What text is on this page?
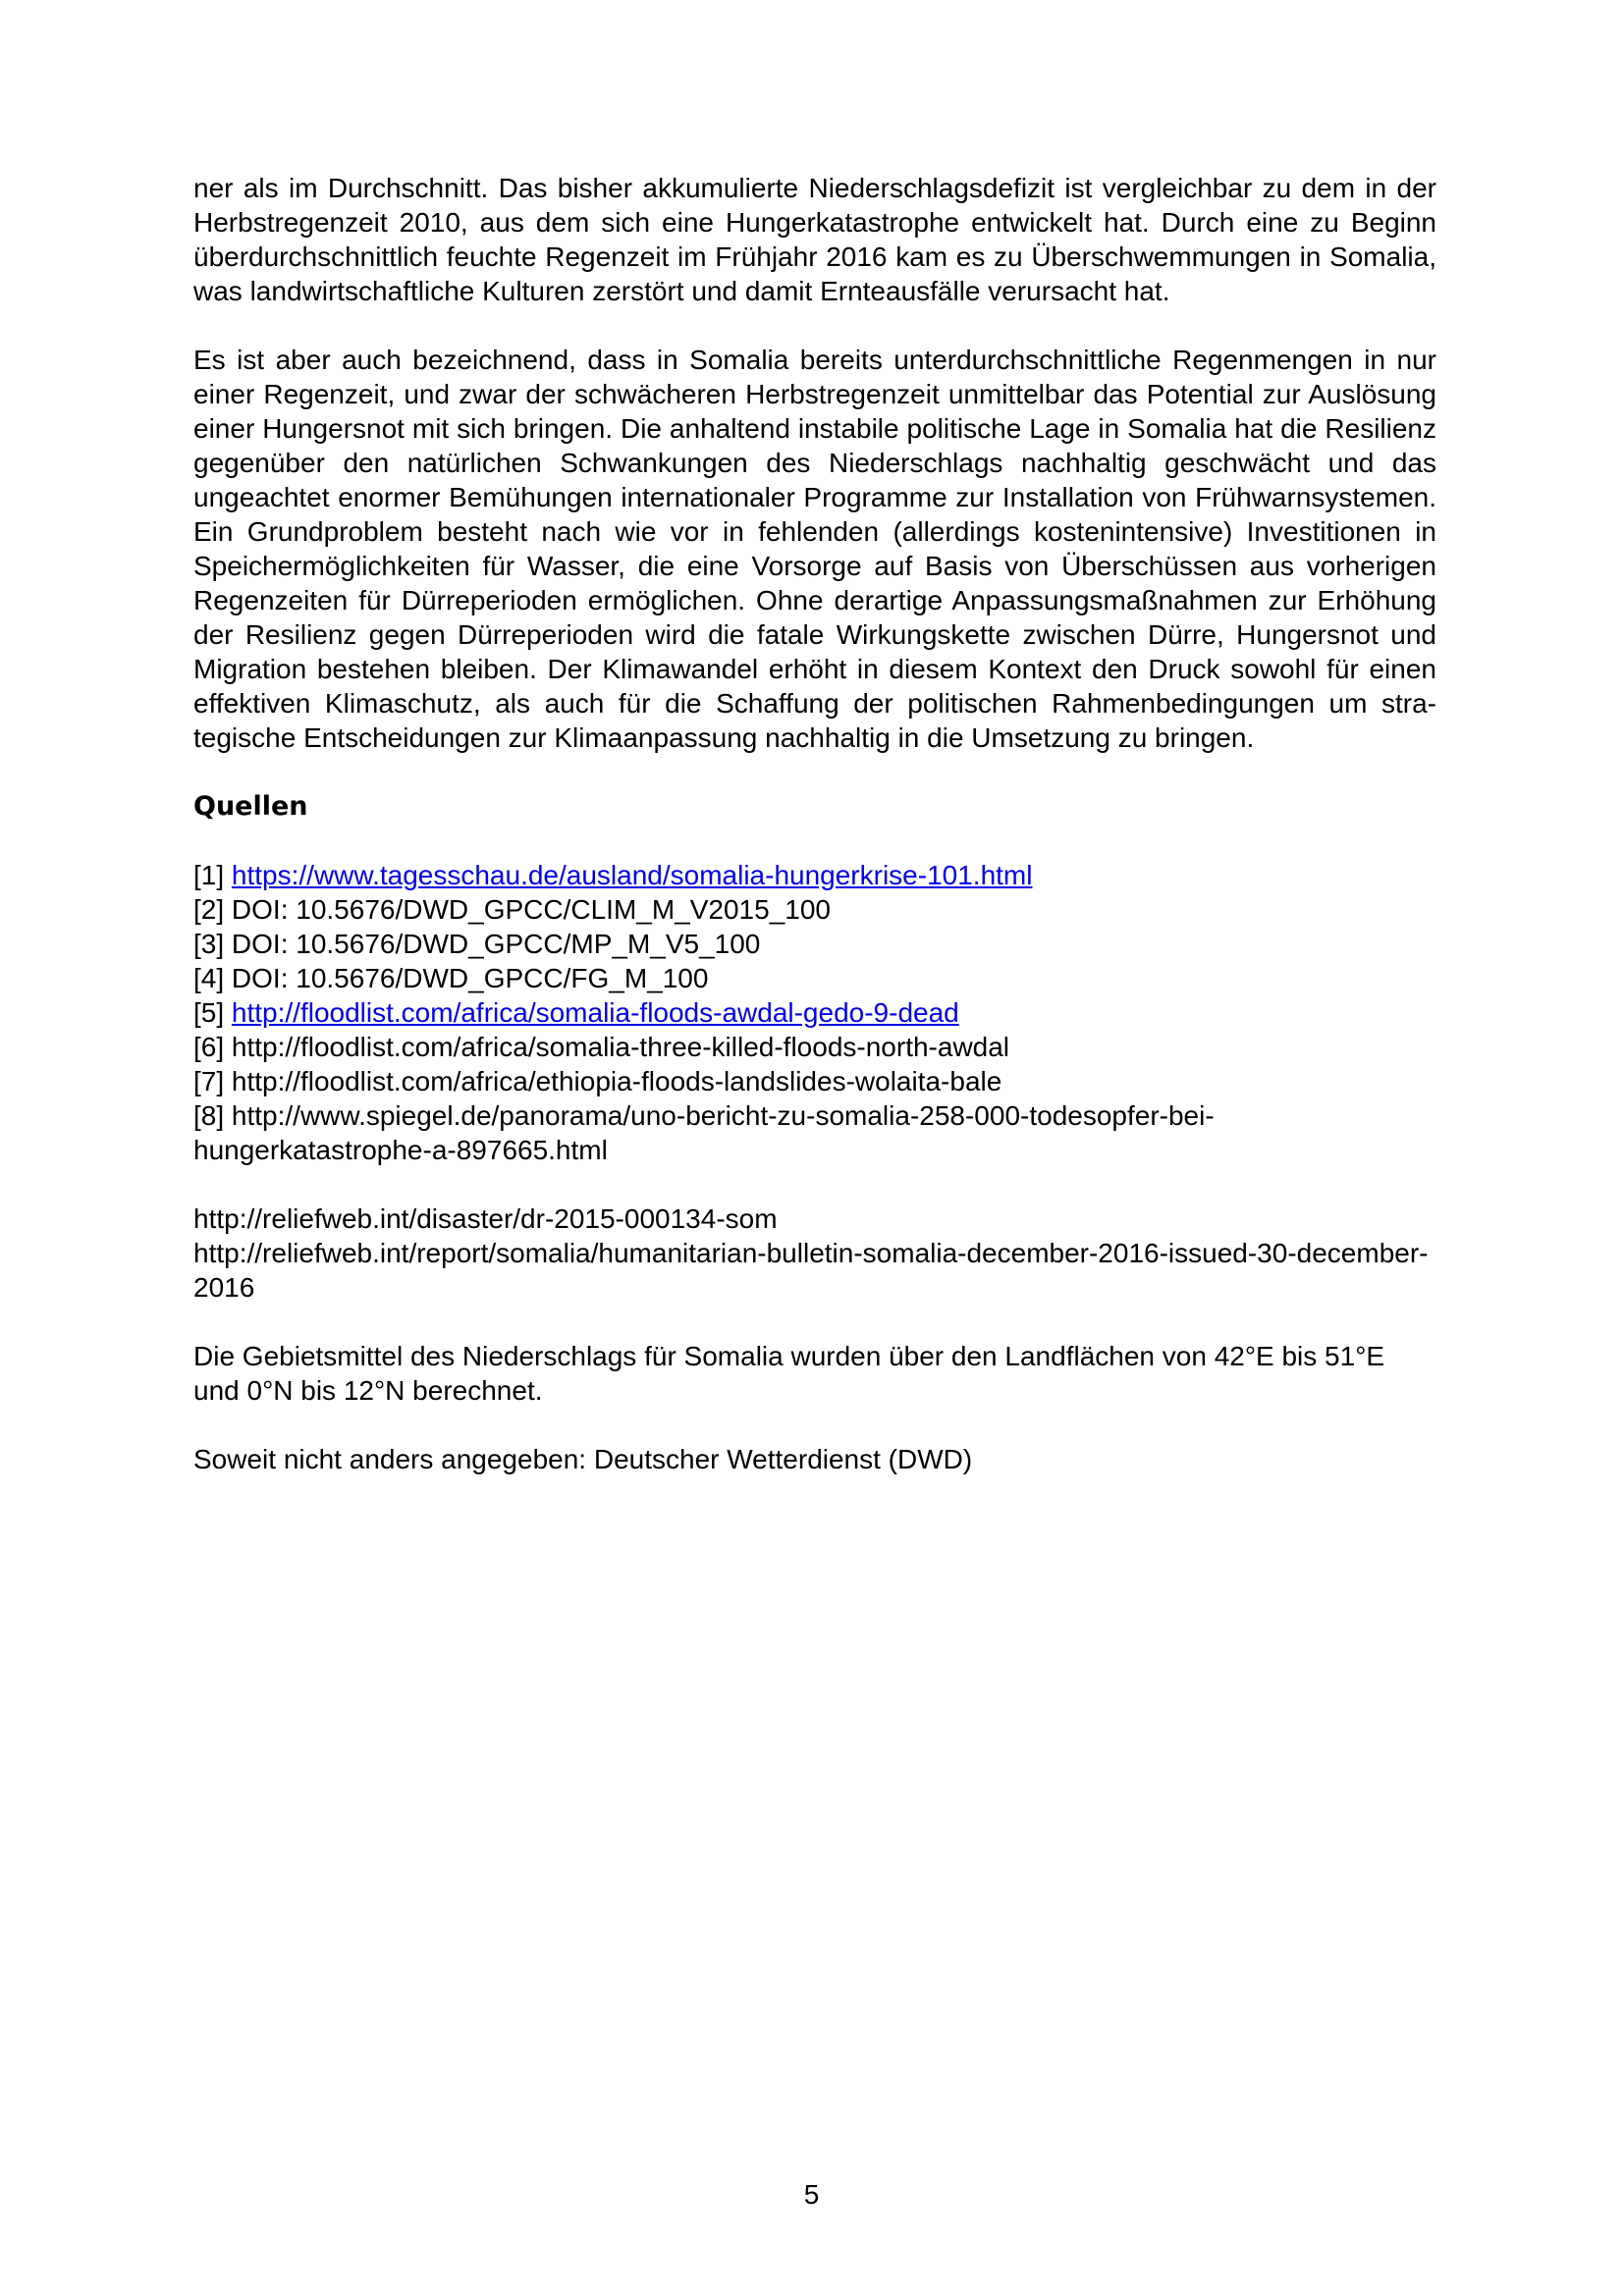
ner als im Durchschnitt. Das bisher akkumulierte Niederschlagsdefizit ist vergleichbar zu dem in der Herbstregenzeit 2010, aus dem sich eine Hungerkatastrophe entwickelt hat. Durch eine zu Beginn überdurchschnittlich feuchte Regenzeit im Frühjahr 2016 kam es zu Überschwemmungen in Somalia, was landwirtschaftliche Kulturen zerstört und damit Ernteausfälle verursacht hat.

Es ist aber auch bezeichnend, dass in Somalia bereits unterdurchschnittliche Regenmengen in nur einer Regenzeit, und zwar der schwächeren Herbstregenzeit unmittelbar das Potential zur Auslösung einer Hungersnot mit sich bringen. Die anhaltend instabile politische Lage in Somalia hat die Resilienz gegenüber den natürlichen Schwankungen des Niederschlags nachhaltig geschwächt und das ungeachtet enormer Bemühungen internationaler Programme zur Installation von Frühwarnsystemen. Ein Grundproblem besteht nach wie vor in fehlenden (allerdings kostenintensive) Investitionen in Speichermöglichkeiten für Wasser, die eine Vorsorge auf Basis von Überschüssen aus vorherigen Regenzeiten für Dürreperioden ermöglichen. Ohne derartige Anpassungsmaßnahmen zur Erhöhung der Resilienz gegen Dürreperioden wird die fatale Wirkungskette zwischen Dürre, Hungersnot und Migration bestehen bleiben. Der Klimawandel erhöht in diesem Kontext den Druck sowohl für einen effektiven Klimaschutz, als auch für die Schaffung der politischen Rahmenbedingungen um strategische Entscheidungen zur Klimaanpassung nachhaltig in die Umsetzung zu bringen.

Quellen
[1] https://www.tagesschau.de/ausland/somalia-hungerkrise-101.html
[2] DOI: 10.5676/DWD_GPCC/CLIM_M_V2015_100
[3] DOI: 10.5676/DWD_GPCC/MP_M_V5_100
[4] DOI: 10.5676/DWD_GPCC/FG_M_100
[5] http://floodlist.com/africa/somalia-floods-awdal-gedo-9-dead
[6] http://floodlist.com/africa/somalia-three-killed-floods-north-awdal
[7] http://floodlist.com/africa/ethiopia-floods-landslides-wolaita-bale
[8] http://www.spiegel.de/panorama/uno-bericht-zu-somalia-258-000-todesopfer-bei-hungerkatastrophe-a-897665.html
http://reliefweb.int/disaster/dr-2015-000134-som
http://reliefweb.int/report/somalia/humanitarian-bulletin-somalia-december-2016-issued-30-december-2016

Die Gebietsmittel des Niederschlags für Somalia wurden über den Landflächen von 42°E bis 51°E und 0°N bis 12°N berechnet.

Soweit nicht anders angegeben: Deutscher Wetterdienst (DWD)

5
